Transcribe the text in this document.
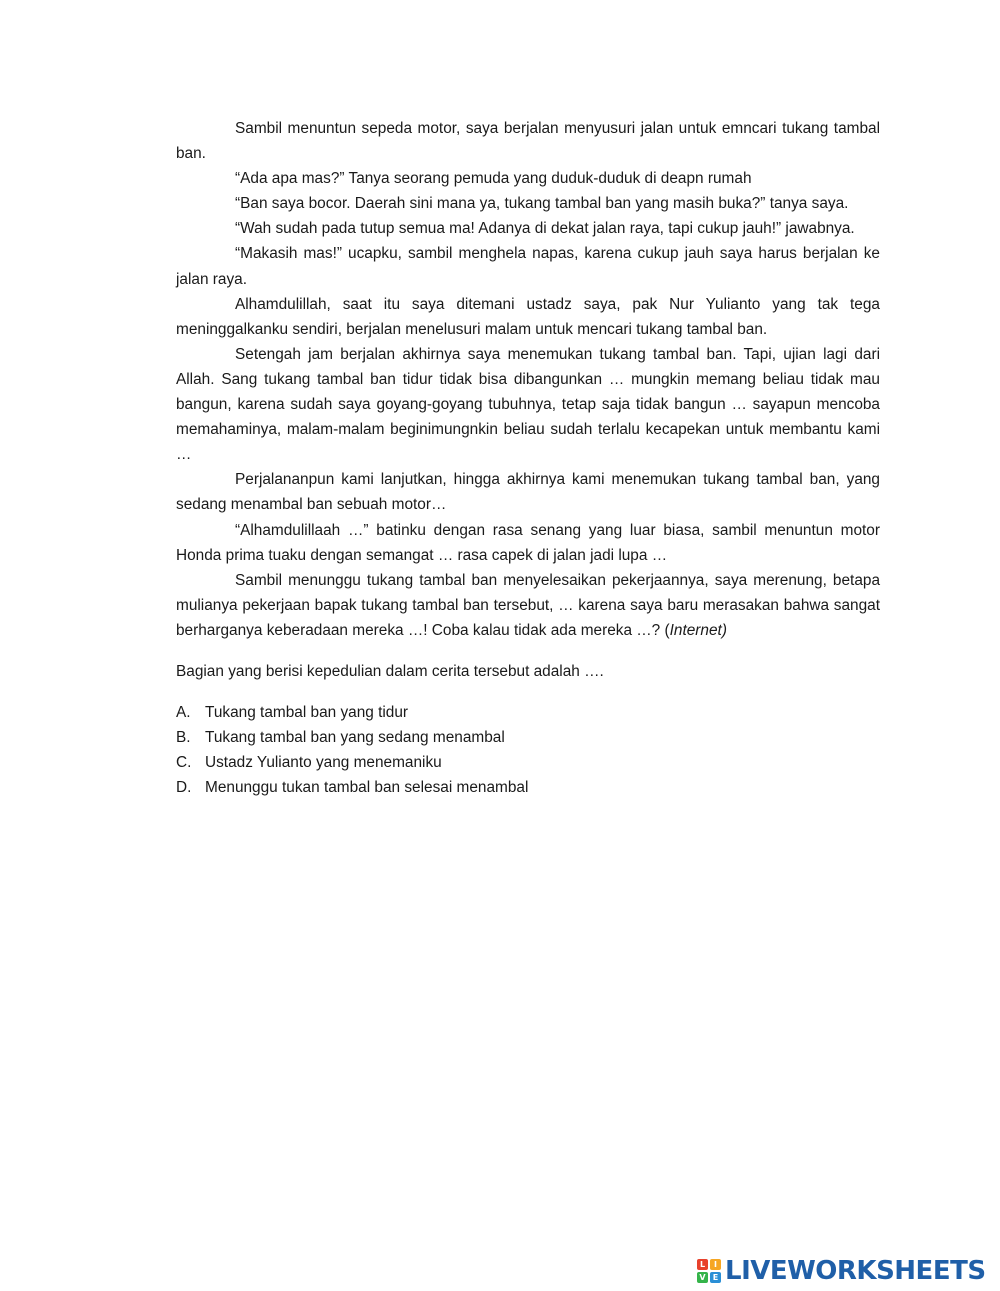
Sambil menuntun sepeda motor, saya berjalan menyusuri jalan untuk emncari tukang tambal ban.

“Ada apa mas?” Tanya seorang pemuda yang duduk-duduk di deapn rumah

“Ban saya bocor. Daerah sini mana ya, tukang tambal ban yang masih buka?” tanya saya.

“Wah sudah pada tutup semua ma! Adanya di dekat jalan raya, tapi cukup jauh!” jawabnya.

“Makasih mas!” ucapku, sambil menghela napas, karena cukup jauh saya harus berjalan ke jalan raya.

Alhamdulillah, saat itu saya ditemani ustadz saya, pak Nur Yulianto yang tak tega meninggalkanku sendiri, berjalan menelusuri malam untuk mencari tukang tambal ban.

Setengah jam berjalan akhirnya saya menemukan tukang tambal ban. Tapi, ujian lagi dari Allah. Sang tukang tambal ban tidur tidak bisa dibangunkan … mungkin memang beliau tidak mau bangun, karena sudah saya goyang-goyang tubuhnya, tetap saja tidak bangun … sayapun mencoba memahaminya, malam-malam beginimungnkin beliau sudah terlalu kecapekan untuk membantu kami …

Perjalananpun kami lanjutkan, hingga akhirnya kami menemukan tukang tambal ban, yang sedang menambal ban sebuah motor…

“Alhamdulillaah …” batinku dengan rasa senang yang luar biasa, sambil menuntun motor Honda prima tuaku dengan semangat … rasa capek di jalan jadi lupa …

Sambil menunggu tukang tambal ban menyelesaikan pekerjaannya, saya merenung, betapa mulianya pekerjaan bapak tukang tambal ban tersebut, … karena saya baru merasakan bahwa sangat berharganya keberadaan mereka …! Coba kalau tidak ada mereka …? (Internet)

Bagian yang berisi kepedulian dalam cerita tersebut adalah ….

A. Tukang tambal ban yang tidur
B. Tukang tambal ban yang sedang menambal
C. Ustadz Yulianto yang menemaniku
D. Menunggu tukan tambal ban selesai menambal
L	I
V E LIVEWORKSHEETS
